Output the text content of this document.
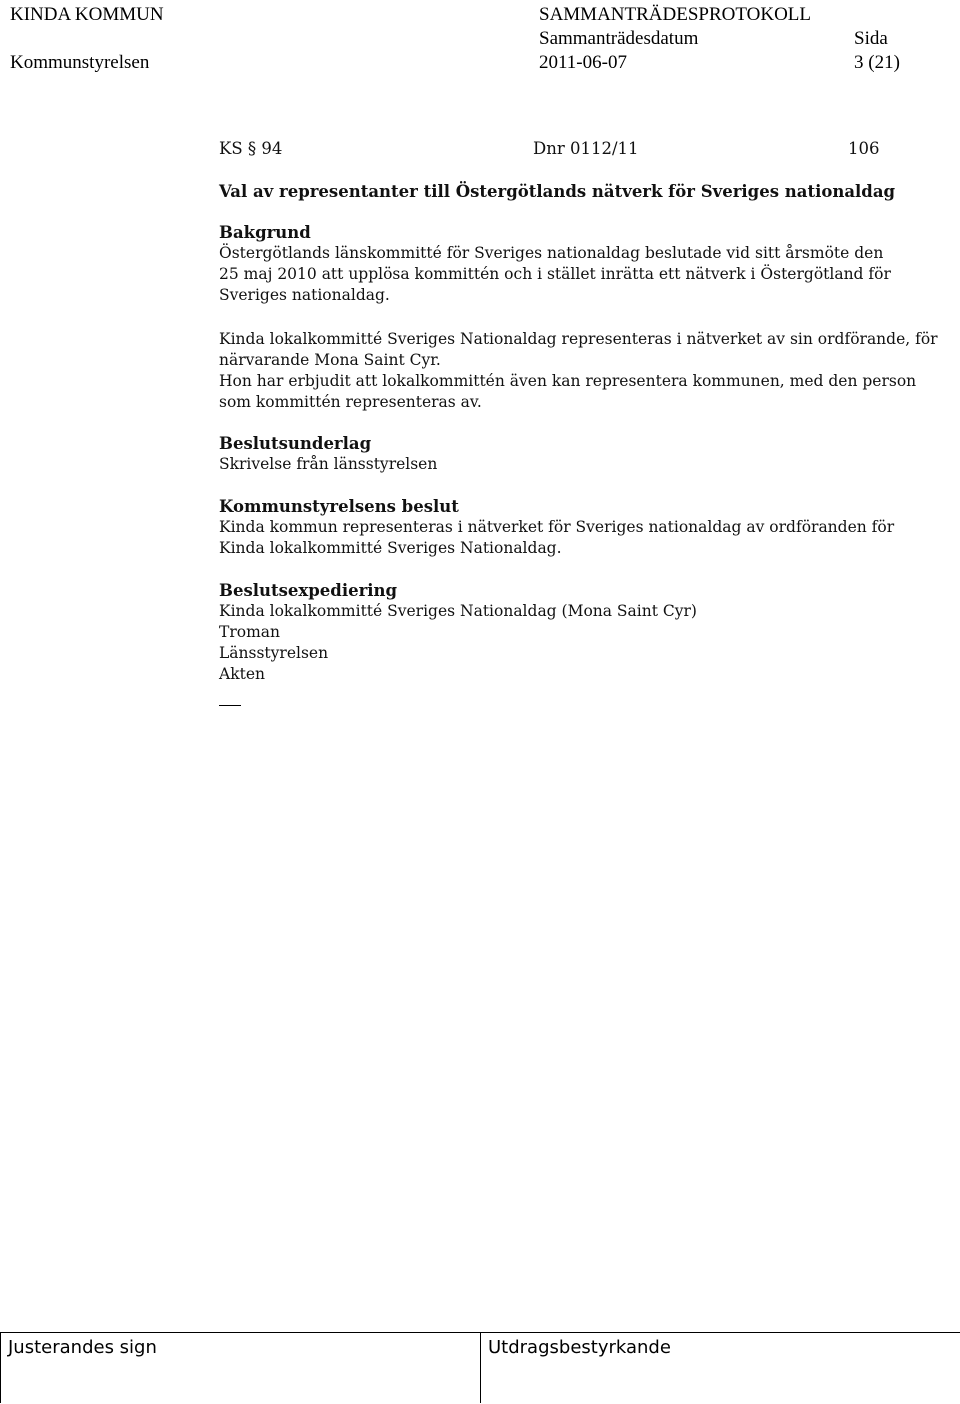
KINDA KOMMUN	SAMMANTRÄDESPROTOKOLL
Sammanträdesdatum	Sida
Kommunstyrelsen	2011-06-07	3 (21)
KS § 94	Dnr 0112/11	106
Val av representanter till Östergötlands nätverk för Sveriges nationaldag

Bakgrund

Östergötlands länskommitté för Sveriges nationaldag beslutade vid sitt årsmöte den 25 maj 2010 att upplösa kommittén och i stället inrätta ett nätverk i Östergötland för Sveriges nationaldag.

Kinda lokalkommitté Sveriges Nationaldag representeras i nätverket av sin ordförande, för närvarande Mona Saint Cyr.

Hon har erbjudit att lokalkommittén även kan representera kommunen, med den person som kommittén representeras av.

Beslutsunderlag

Skrivelse från länsstyrelsen

Kommunstyrelsens beslut

Kinda kommun representeras i nätverket för Sveriges nationaldag av ordföranden för Kinda lokalkommitté Sveriges Nationaldag.

Beslutsexpediering

Kinda lokalkommitté Sveriges Nationaldag (Mona Saint Cyr)

Troman

Länsstyrelsen

Akten

Justerandes sign	Utdragsbestyrkande
